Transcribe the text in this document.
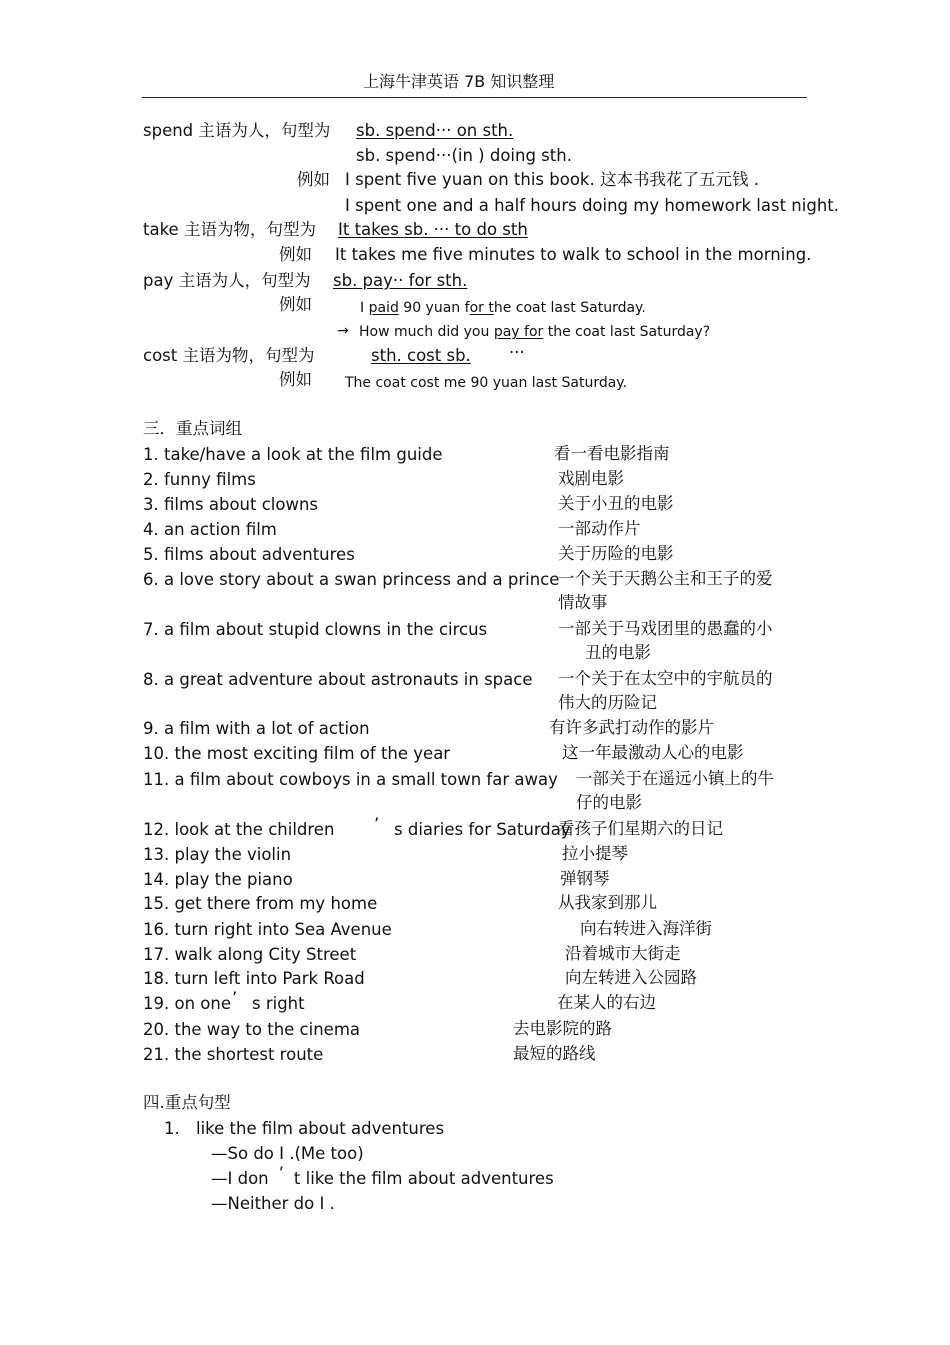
上海牛津英语 7B 知识整理
spend 主语为人，句型为 sb. spend··· on sth.
sb. spend···(in ) doing sth.
例如 I spent five yuan on this book. 这本书我花了五元钱 .
I spent one and a half hours doing my homework last night.
take 主语为物，句型为 It takes sb. ··· to do sth
例如 It takes me five minutes to walk to school in the morning.
pay 主语为人，句型为 sb. pay·· for sth.
例如	I paid 90 yuan for the coat last Saturday.
→ How much did you pay for the coat last Saturday?
cost 主语为物，句型为	sth. cost sb. ···
例如 The coat cost me 90 yuan last Saturday.
三．重点词组
1. take/have a look at the film guide	看一看电影指南
2. funny films	戏剧电影
3. films about clowns	关于小丑的电影
4. an action film	一部动作片
5. films about adventures	关于历险的电影
6. a love story about a swan princess and a prince
一个关于天鹅公主和王子的爱
情故事
7. a film about stupid clowns in the circus	一部关于马戏团里的愚蠢的小
丑的电影
8. a great adventure about astronauts in space 一个关于在太空中的宇航员的
伟大的历险记
9. a film with a lot of action	有许多武打动作的影片
10. the most exciting film of the year	这一年最激动人心的电影
11. a film about cowboys in a small town far away 一部关于在遥远小镇上的牛
仔的电影
12. look at the children ’ s diaries for Saturday
看孩子们星期六的日记
13. play the violin	拉小提琴
14. play the piano	弹钢琴
15. get there from my home	从我家到那儿
16. turn right into Sea Avenue	向右转进入海洋街
17. walk along City Street	沿着城市大街走
18. turn left into Park Road	向左转进入公园路
19. on one ’ s right	在某人的右边
20. the way to the cinema	去电影院的路
21. the shortest route	最短的路线
四.重点句型
1. like the film about adventures
—So do I .(Me too)
—I don ’ t like the film about adventures
—Neither do I .
